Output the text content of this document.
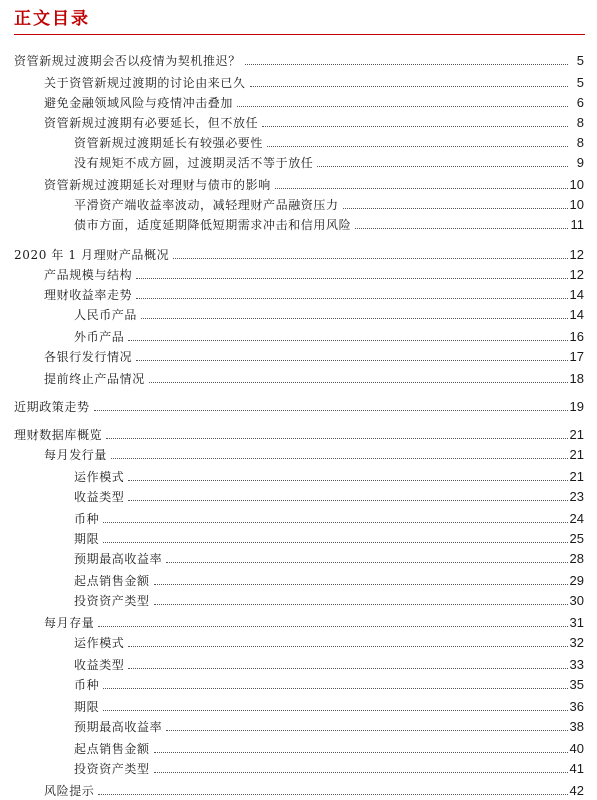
正文目录
资管新规过渡期会否以疫情为契机推迟？	5
关于资管新规过渡期的讨论由来已久	5
避免金融领域风险与疫情冲击叠加	6
资管新规过渡期有必要延长，但不放任	8
资管新规过渡期延长有较强必要性	8
没有规矩不成方圆，过渡期灵活不等于放任	9
资管新规过渡期延长对理财与债市的影响	10
平滑资产端收益率波动，减轻理财产品融资压力	10
债市方面，适度延期降低短期需求冲击和信用风险	11
2020 年 1 月理财产品概况	12
产品规模与结构	12
理财收益率走势	14
人民币产品	14
外币产品	16
各银行发行情况	17
提前终止产品情况	18
近期政策走势	19
理财数据库概览	21
每月发行量	21
运作模式	21
收益类型	23
币种	24
期限	25
预期最高收益率	28
起点销售金额	29
投资资产类型	30
每月存量	31
运作模式	32
收益类型	33
币种	35
期限	36
预期最高收益率	38
起点销售金额	40
投资资产类型	41
风险提示	42
